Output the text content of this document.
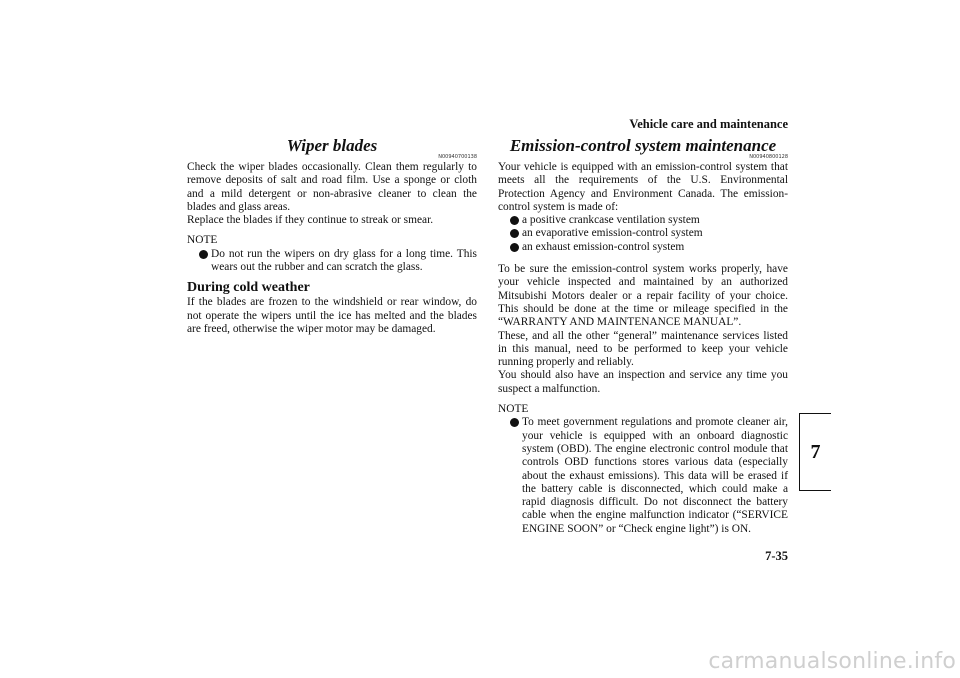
Vehicle care and maintenance
Wiper blades
N00940700138

Check the wiper blades occasionally. Clean them regularly to remove deposits of salt and road film. Use a sponge or cloth and a mild detergent or non-abrasive cleaner to clean the blades and glass areas.

Replace the blades if they continue to streak or smear.

NOTE
Do not run the wipers on dry glass for a long time. This wears out the rubber and can scratch the glass.
During cold weather

If the blades are frozen to the windshield or rear window, do not operate the wipers until the ice has melted and the blades are freed, otherwise the wiper motor may be damaged.

Emission-control system maintenance
N00940800128

Your vehicle is equipped with an emission-control system that meets all the requirements of the U.S. Environmental Protection Agency and Environment Canada. The emission-control system is made of:

a positive crankcase ventilation system
an evaporative emission-control system
an exhaust emission-control system

To be sure the emission-control system works properly, have your vehicle inspected and maintained by an authorized Mitsubishi Motors dealer or a repair facility of your choice. This should be done at the time or mileage specified in the “WARRANTY AND MAINTENANCE MANUAL”.

These, and all the other “general” maintenance services listed in this manual, need to be performed to keep your vehicle running properly and reliably.

You should also have an inspection and service any time you suspect a malfunction.

NOTE
To meet government regulations and promote cleaner air, your vehicle is equipped with an onboard diagnostic system (OBD). The engine electronic control module that controls OBD functions stores various data (especially about the exhaust emissions). This data will be erased if the battery cable is disconnected, which could make a rapid diagnosis difficult. Do not disconnect the battery cable when the engine malfunction indicator (“SERVICE ENGINE SOON” or “Check engine light”) is ON.
7
7-35
carmanualsonline.info
